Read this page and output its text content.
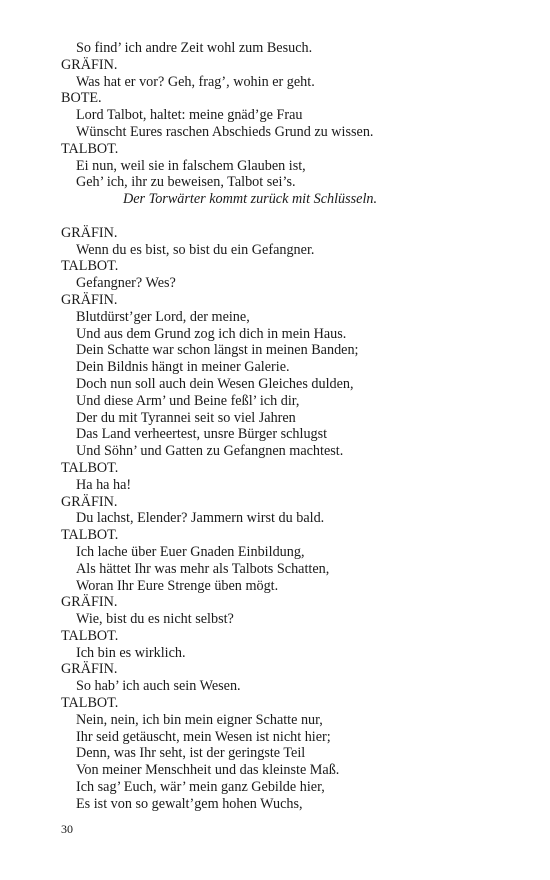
So find’ ich andre Zeit wohl zum Besuch.
GRÄFIN.
Was hat er vor? Geh, frag’, wohin er geht.
BOTE.
Lord Talbot, haltet: meine gnäd’ge Frau
Wünscht Eures raschen Abschieds Grund zu wissen.
TALBOT.
Ei nun, weil sie in falschem Glauben ist,
Geh’ ich, ihr zu beweisen, Talbot sei’s.
Der Torwärter kommt zurück mit Schlüsseln.
GRÄFIN.
Wenn du es bist, so bist du ein Gefangner.
TALBOT.
Gefangner? Wes?
GRÄFIN.
Blutdürst’ger Lord, der meine,
Und aus dem Grund zog ich dich in mein Haus.
Dein Schatte war schon längst in meinen Banden;
Dein Bildnis hängt in meiner Galerie.
Doch nun soll auch dein Wesen Gleiches dulden,
Und diese Arm’ und Beine feßl’ ich dir,
Der du mit Tyrannei seit so viel Jahren
Das Land verheertest, unsre Bürger schlugst
Und Söhn’ und Gatten zu Gefangnen machtest.
TALBOT.
Ha ha ha!
GRÄFIN.
Du lachst, Elender? Jammern wirst du bald.
TALBOT.
Ich lache über Euer Gnaden Einbildung,
Als hättet Ihr was mehr als Talbots Schatten,
Woran Ihr Eure Strenge üben mögt.
GRÄFIN.
Wie, bist du es nicht selbst?
TALBOT.
Ich bin es wirklich.
GRÄFIN.
So hab’ ich auch sein Wesen.
TALBOT.
Nein, nein, ich bin mein eigner Schatte nur,
Ihr seid getäuscht, mein Wesen ist nicht hier;
Denn, was Ihr seht, ist der geringste Teil
Von meiner Menschheit und das kleinste Maß.
Ich sag’ Euch, wär’ mein ganz Gebilde hier,
Es ist von so gewalt’gem hohen Wuchs,
30
